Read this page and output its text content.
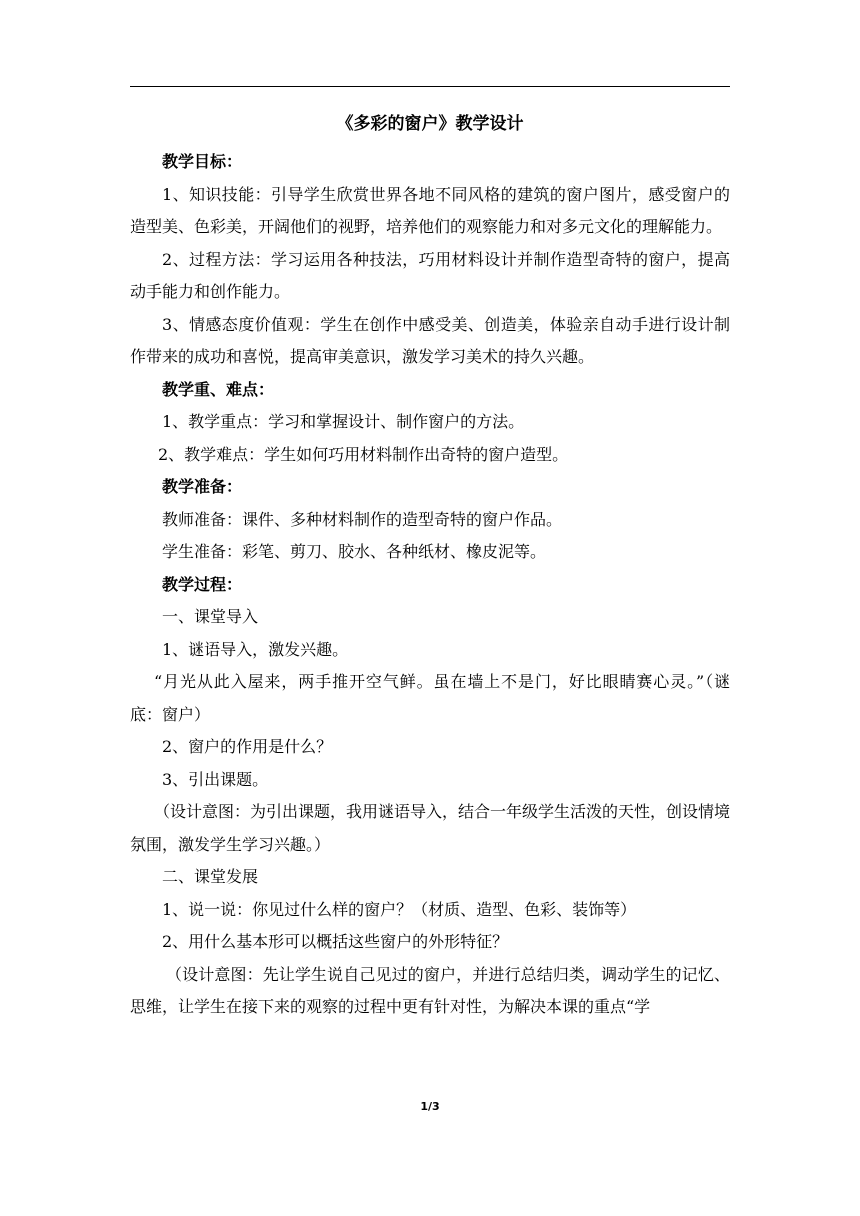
《多彩的窗户》教学设计

教学目标：

1、知识技能：引导学生欣赏世界各地不同风格的建筑的窗户图片，感受窗户的造型美、色彩美，开阔他们的视野，培养他们的观察能力和对多元文化的理解能力。

2、过程方法：学习运用各种技法，巧用材料设计并制作造型奇特的窗户，提高动手能力和创作能力。

3、情感态度价值观：学生在创作中感受美、创造美，体验亲自动手进行设计制作带来的成功和喜悦，提高审美意识，激发学习美术的持久兴趣。

教学重、难点：

1、教学重点：学习和掌握设计、制作窗户的方法。

2、教学难点：学生如何巧用材料制作出奇特的窗户造型。

教学准备：

教师准备：课件、多种材料制作的造型奇特的窗户作品。

学生准备：彩笔、剪刀、胶水、各种纸材、橡皮泥等。

教学过程：

一、课堂导入

1、谜语导入，激发兴趣。

“月光从此入屋来，两手推开空气鲜。虽在墙上不是门，好比眼睛赛心灵。”（谜底：窗户）

2、窗户的作用是什么？

3、引出课题。

（设计意图：为引出课题，我用谜语导入，结合一年级学生活泼的天性，创设情境氛围，激发学生学习兴趣。）

二、课堂发展

1、说一说：你见过什么样的窗户？（材质、造型、色彩、装饰等）

2、用什么基本形可以概括这些窗户的外形特征？

（设计意图：先让学生说自己见过的窗户，并进行总结归类，调动学生的记忆、思维，让学生在接下来的观察的过程中更有针对性，为解决本课的重点“学

1/3
